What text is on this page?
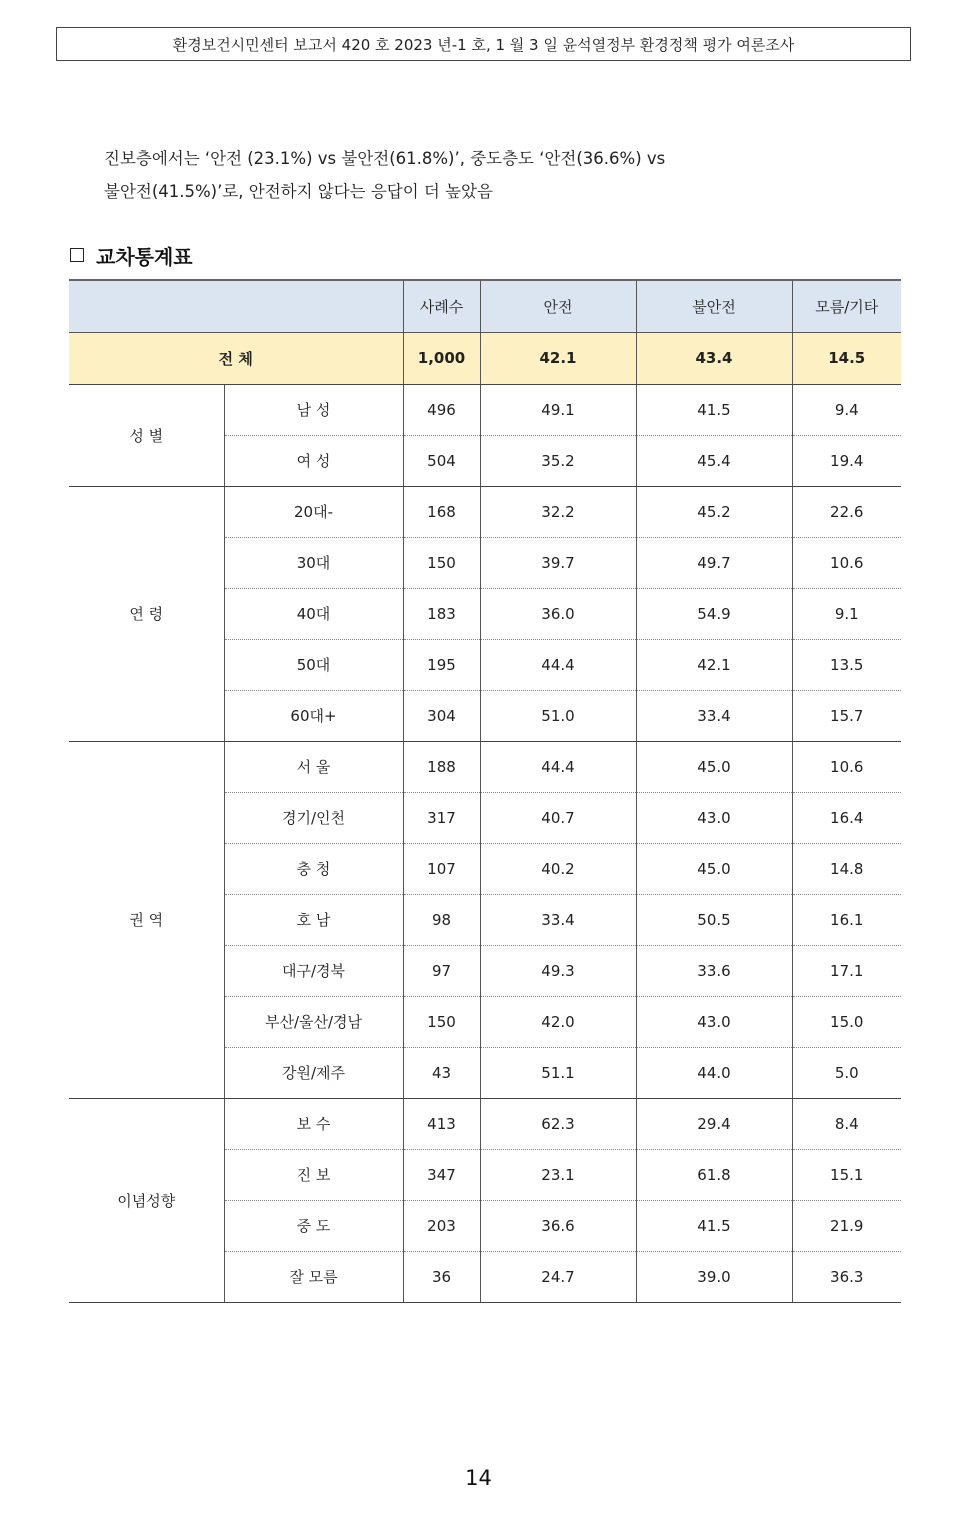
환경보건시민센터 보고서 420 호 2023 년-1 호, 1 월 3 일 윤석열정부 환경정책 평가 여론조사
진보층에서는 ‘안전 (23.1%) vs 불안전(61.8%)’, 중도층도 ‘안전(36.6%) vs
불안전(41.5%)’로, 안전하지 않다는 응답이 더 높았음
교차통계표
		사례수	안전	불안전	모름/기타
전 체		1,000	42.1	43.4	14.5
성 별	남 성	496	49.1	41.5	9.4
	여 성	504	35.2	45.4	19.4
연 령	20대-	168	32.2	45.2	22.6
	30대	150	39.7	49.7	10.6
	40대	183	36.0	54.9	9.1
	50대	195	44.4	42.1	13.5
	60대+	304	51.0	33.4	15.7
권 역	서 울	188	44.4	45.0	10.6
	경기/인천	317	40.7	43.0	16.4
	충 청	107	40.2	45.0	14.8
	호 남	98	33.4	50.5	16.1
	대구/경북	97	49.3	33.6	17.1
	부산/울산/경남	150	42.0	43.0	15.0
	강원/제주	43	51.1	44.0	5.0
이념성향	보 수	413	62.3	29.4	8.4
	진 보	347	23.1	61.8	15.1
	중 도	203	36.6	41.5	21.9
	잘 모름	36	24.7	39.0	36.3
14
